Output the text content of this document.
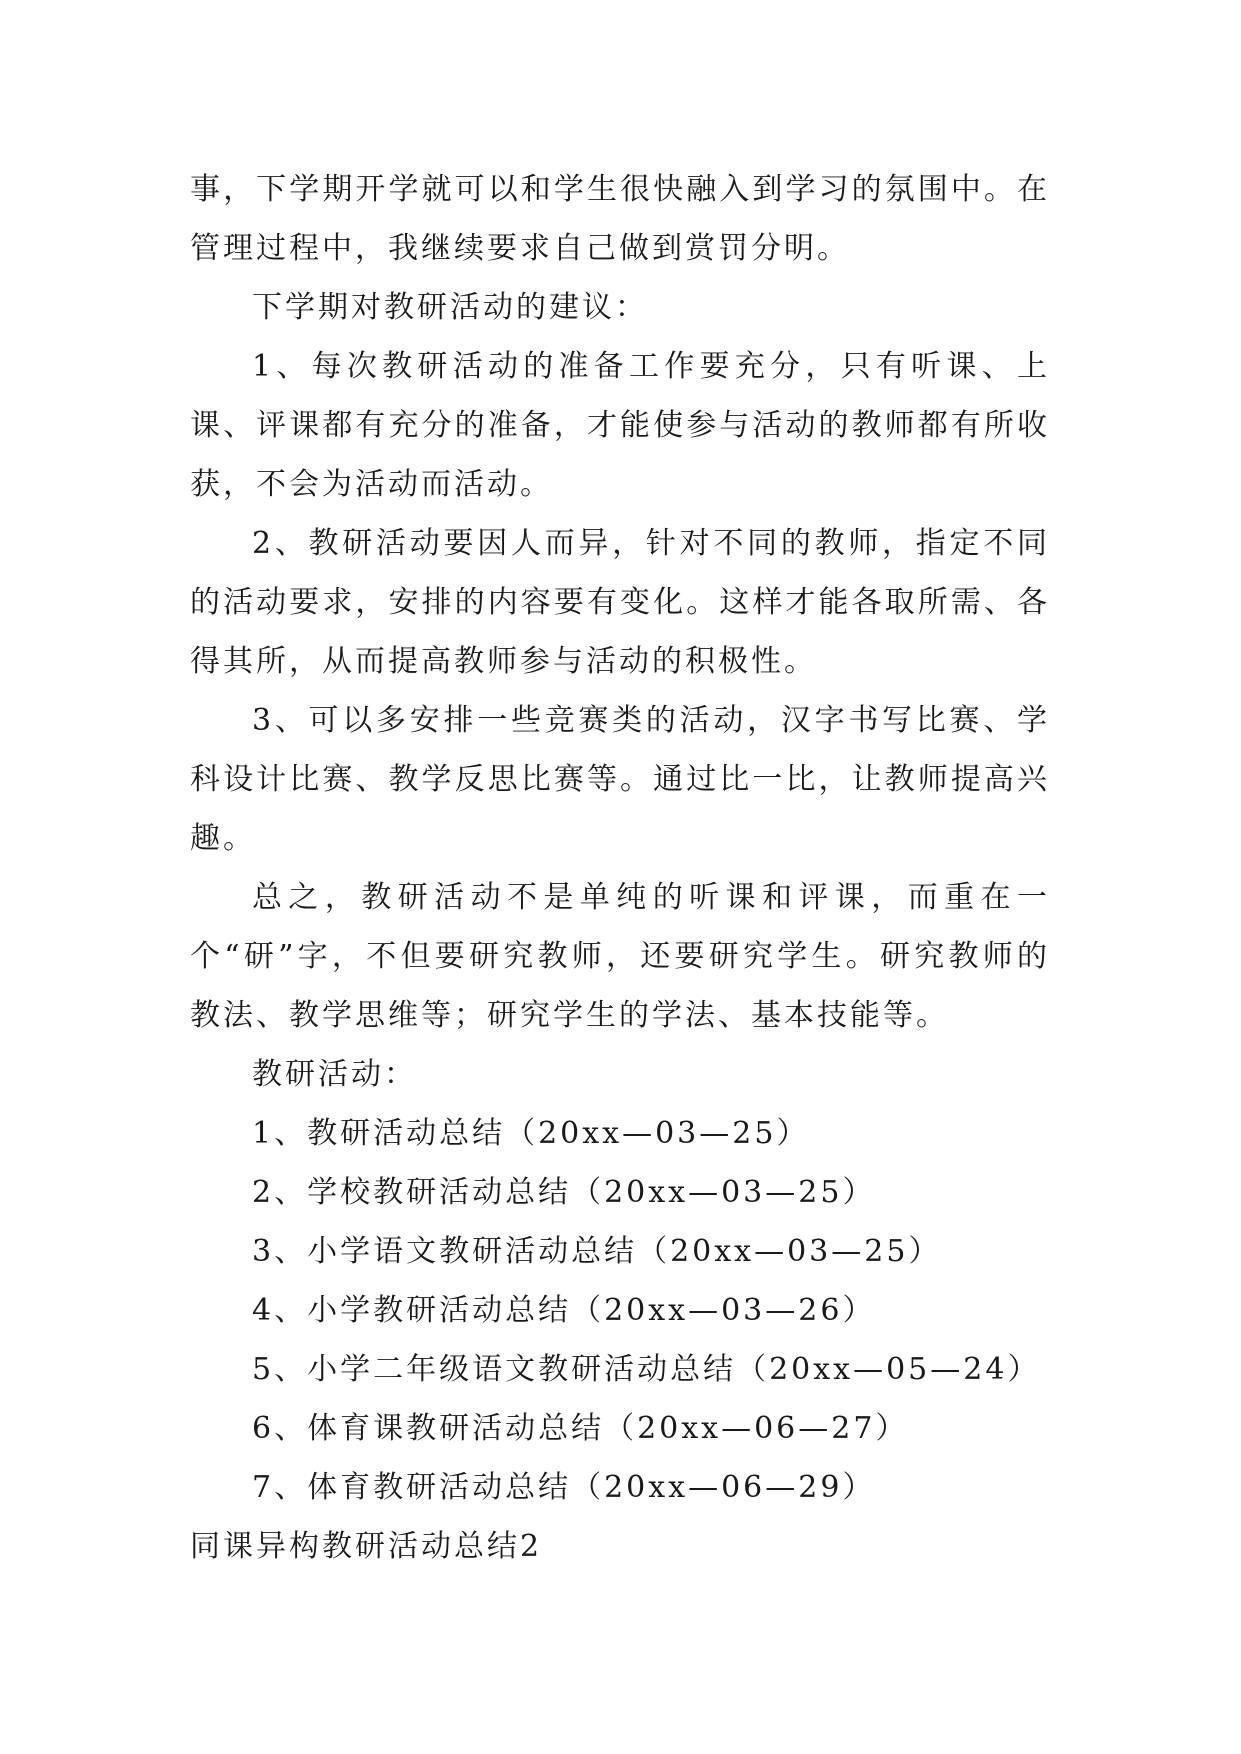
事，下学期开学就可以和学生很快融入到学习的氛围中。在管理过程中，我继续要求自己做到赏罚分明。

下学期对教研活动的建议：

1、每次教研活动的准备工作要充分，只有听课、上课、评课都有充分的准备，才能使参与活动的教师都有所收获，不会为活动而活动。

2、教研活动要因人而异，针对不同的教师，指定不同的活动要求，安排的内容要有变化。这样才能各取所需、各得其所，从而提高教师参与活动的积极性。

3、可以多安排一些竞赛类的活动，汉字书写比赛、学科设计比赛、教学反思比赛等。通过比一比，让教师提高兴趣。

总之，教研活动不是单纯的听课和评课，而重在一个“研”字，不但要研究教师，还要研究学生。研究教师的教法、教学思维等；研究学生的学法、基本技能等。

教研活动：

1、教研活动总结（20xx—03—25）

2、学校教研活动总结（20xx—03—25）

3、小学语文教研活动总结（20xx—03—25）

4、小学教研活动总结（20xx—03—26）

5、小学二年级语文教研活动总结（20xx—05—24）

6、体育课教研活动总结（20xx—06—27）

7、体育教研活动总结（20xx—06—29）

同课异构教研活动总结2
